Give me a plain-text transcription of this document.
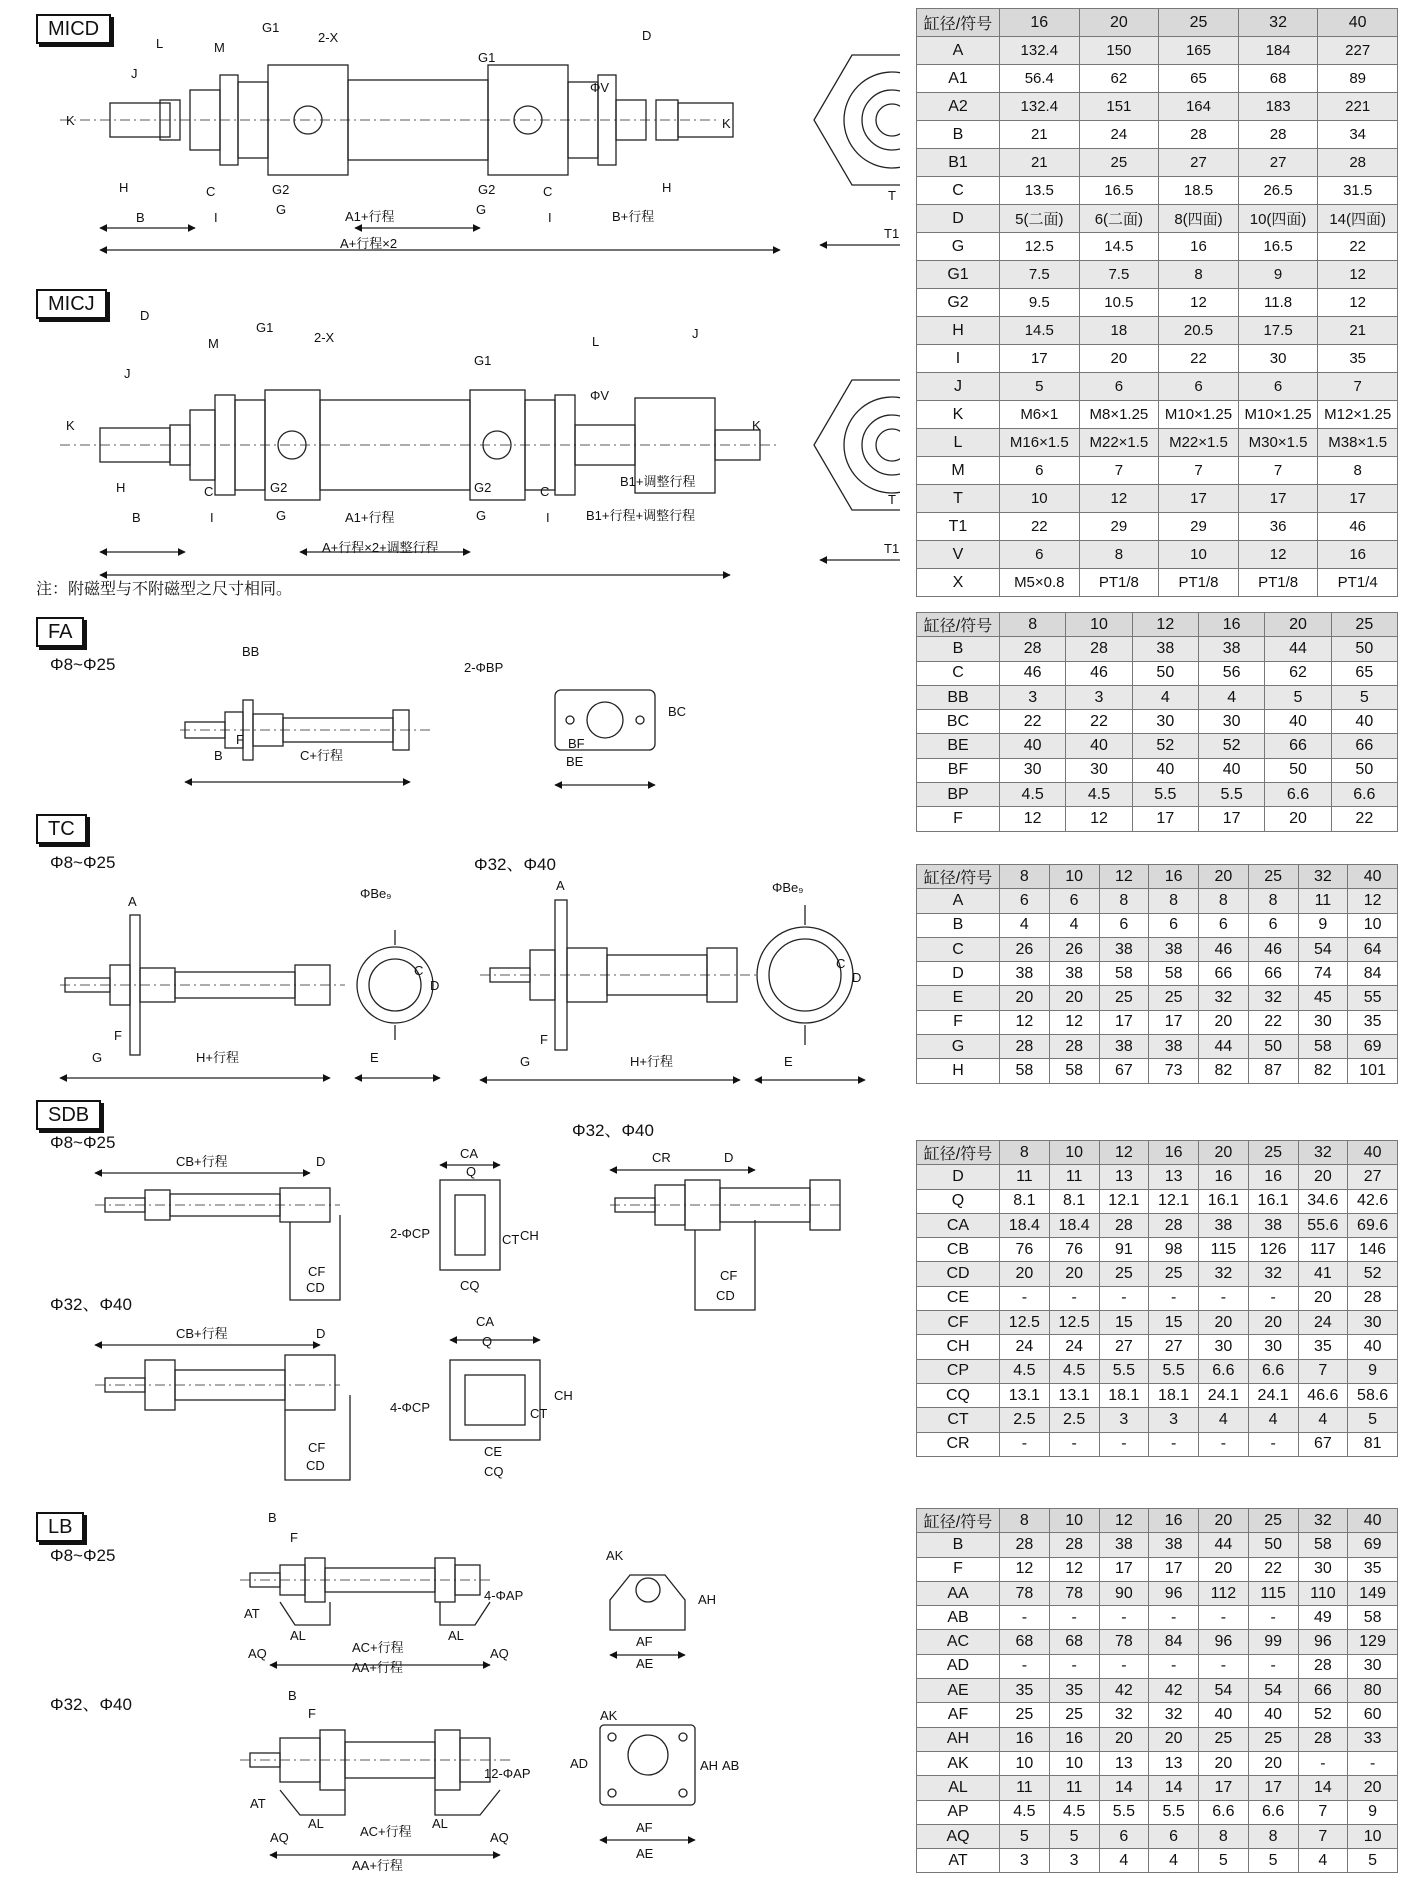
MICD
MICJ
注：附磁型与不附磁型之尺寸相同。
FA
Φ8~Φ25
TC
Φ8~Φ25	Φ32、Φ40
SDB
Φ8~Φ25
Φ32、Φ40
Φ32、Φ40
LB
Φ8~Φ25
Φ32、Φ40
L	M
G1
2-X
J
K
H	C
I
G2
G	A1+行程
B	B+行程
A+行程×2
D
ΦV
G1
G2
G
C
I
H
K
T
T1
D
M
G1
2-X
J
K
H	C	G2
G	A1+行程
B	I
G1
L
ΦV
J
K
B1+调整行程
B1+行程+调整行程
G2
G
C
I
A+行程×2+调整行程
T
T1
BB
2-ΦBP
BC
B
F
C+行程
BF
BE
A
ΦBe₉
C
D
F
G	H+行程	E
A	ΦBe₉
C
D
F
G	H+行程	E
CB+行程	D
CA
Q
2-ΦCP	CT CH
CF
CD	CQ
CR	D
CF
CD
CB+行程	D
CA
Q
4-ΦCP
CH
CT
CF
CD
CE
CQ
B
F
4-ΦAP
AT
AL
AQ	AC+行程
AL
AQ
AA+行程
AK
AH
AF
AE
B
F
12-ΦAP
AT
AL
AC+行程
AL
AQ	AQ
AA+行程
AD
AK
AH AB
AF
AE
缸径/符号	16	20	25	32	40
A	132.4	150	165	184	227
A1	56.4	62	65	68	89
A2	132.4	151	164	183	221
B	21	24	28	28	34
B1	21	25	27	27	28
C	13.5	16.5	18.5	26.5	31.5
D	5(二面)	6(二面)	8(四面)	10(四面)	14(四面)
G	12.5	14.5	16	16.5	22
G1	7.5	7.5	8	9	12
G2	9.5	10.5	12	11.8	12
H	14.5	18	20.5	17.5	21
I	17	20	22	30	35
J	5	6	6	6	7
K	M6×1	M8×1.25	M10×1.25	M10×1.25	M12×1.25
L	M16×1.5	M22×1.5	M22×1.5	M30×1.5	M38×1.5
M	6	7	7	7	8
T	10	12	17	17	17
T1	22	29	29	36	46
V	6	8	10	12	16
X	M5×0.8	PT1/8	PT1/8	PT1/8	PT1/4
缸径/符号	8	10	12	16	20	25
B	28	28	38	38	44	50
C	46	46	50	56	62	65
BB	3	3	4	4	5	5
BC	22	22	30	30	40	40
BE	40	40	52	52	66	66
BF	30	30	40	40	50	50
BP	4.5	4.5	5.5	5.5	6.6	6.6
F	12	12	17	17	20	22
缸径/符号	8	10	12	16	20	25	32	40
A	6	6	8	8	8	8	11	12
B	4	4	6	6	6	6	9	10
C	26	26	38	38	46	46	54	64
D	38	38	58	58	66	66	74	84
E	20	20	25	25	32	32	45	55
F	12	12	17	17	20	22	30	35
G	28	28	38	38	44	50	58	69
H	58	58	67	73	82	87	82	101
缸径/符号	8	10	12	16	20	25	32	40
D	11	11	13	13	16	16	20	27
Q	8.1	8.1	12.1	12.1	16.1	16.1	34.6	42.6
CA	18.4	18.4	28	28	38	38	55.6	69.6
CB	76	76	91	98	115	126	117	146
CD	20	20	25	25	32	32	41	52
CE	-	-	-	-	-	-	20	28
CF	12.5	12.5	15	15	20	20	24	30
CH	24	24	27	27	30	30	35	40
CP	4.5	4.5	5.5	5.5	6.6	6.6	7	9
CQ	13.1	13.1	18.1	18.1	24.1	24.1	46.6	58.6
CT	2.5	2.5	3	3	4	4	4	5
CR	-	-	-	-	-	-	67	81
缸径/符号	8	10	12	16	20	25	32	40
B	28	28	38	38	44	50	58	69
F	12	12	17	17	20	22	30	35
AA	78	78	90	96	112	115	110	149
AB	-	-	-	-	-	-	49	58
AC	68	68	78	84	96	99	96	129
AD	-	-	-	-	-	-	28	30
AE	35	35	42	42	54	54	66	80
AF	25	25	32	32	40	40	52	60
AH	16	16	20	20	25	25	28	33
AK	10	10	13	13	20	20	-	-
AL	11	11	14	14	17	17	14	20
AP	4.5	4.5	5.5	5.5	6.6	6.6	7	9
AQ	5	5	6	6	8	8	7	10
AT	3	3	4	4	5	5	4	5
